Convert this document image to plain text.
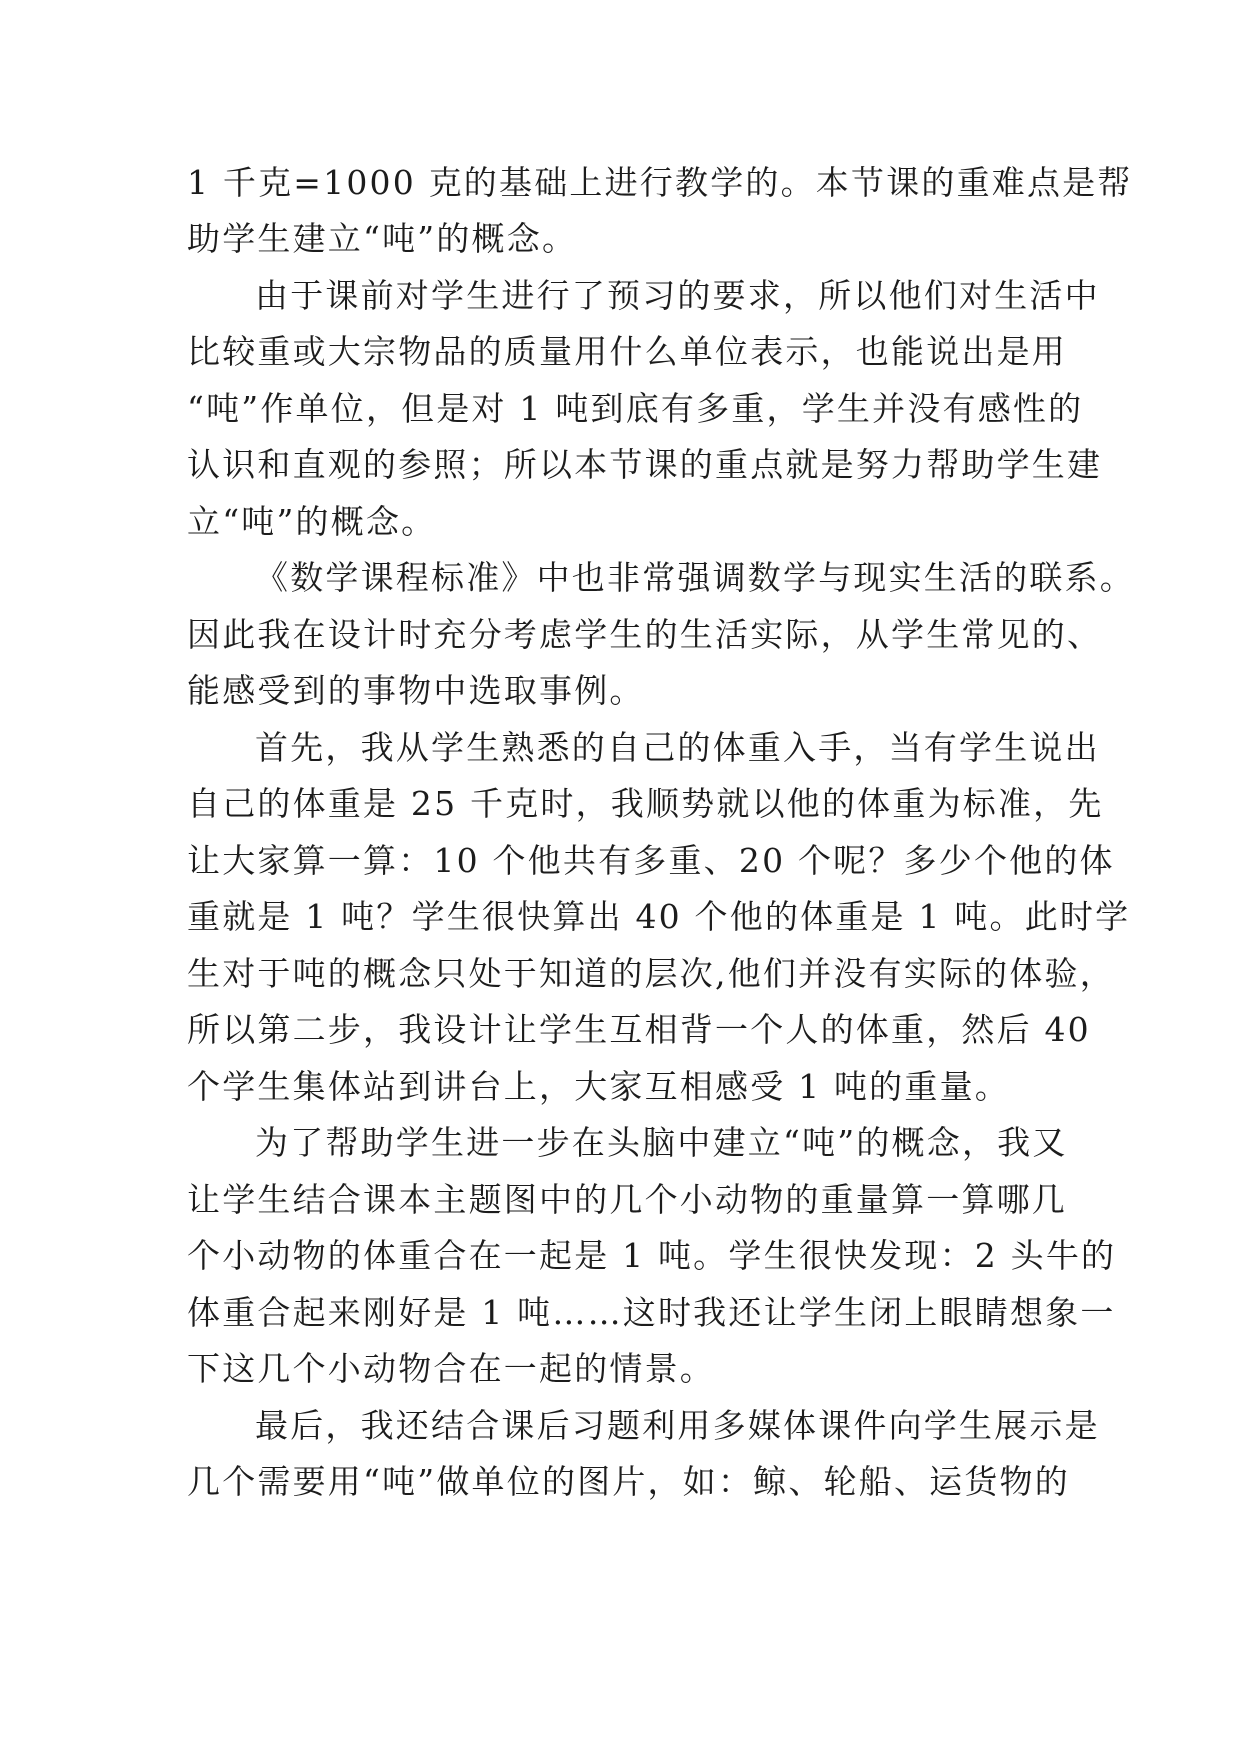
1 千克=1000 克的基础上进行教学的。本节课的重难点是帮
助学生建立“吨”的概念。
由于课前对学生进行了预习的要求，所以他们对生活中
比较重或大宗物品的质量用什么单位表示，也能说出是用
“吨”作单位，但是对 1 吨到底有多重，学生并没有感性的
认识和直观的参照；所以本节课的重点就是努力帮助学生建
立“吨”的概念。
《数学课程标准》中也非常强调数学与现实生活的联系。
因此我在设计时充分考虑学生的生活实际，从学生常见的、
能感受到的事物中选取事例。
首先，我从学生熟悉的自己的体重入手，当有学生说出
自己的体重是 25 千克时，我顺势就以他的体重为标准，先
让大家算一算：10 个他共有多重、20 个呢？多少个他的体
重就是 1 吨？学生很快算出 40 个他的体重是 1 吨。此时学
生对于吨的概念只处于知道的层次,他们并没有实际的体验，
所以第二步，我设计让学生互相背一个人的体重，然后 40
个学生集体站到讲台上，大家互相感受 1 吨的重量。
为了帮助学生进一步在头脑中建立“吨”的概念，我又
让学生结合课本主题图中的几个小动物的重量算一算哪几
个小动物的体重合在一起是 1 吨。学生很快发现：2 头牛的
体重合起来刚好是 1 吨……这时我还让学生闭上眼睛想象一
下这几个小动物合在一起的情景。
最后，我还结合课后习题利用多媒体课件向学生展示是
几个需要用“吨”做单位的图片，如：鲸、轮船、运货物的
